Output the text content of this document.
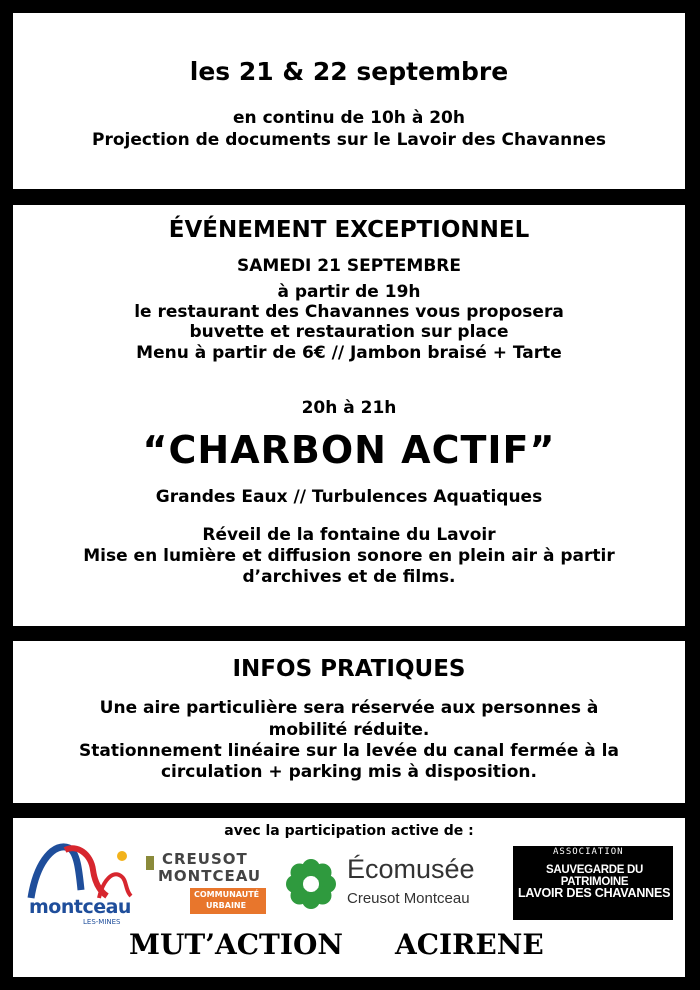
les 21 & 22 septembre
en continu de 10h à 20h
Projection de documents sur le Lavoir des Chavannes
ÉVÉNEMENT EXCEPTIONNEL
SAMEDI 21 SEPTEMBRE
à partir de 19h
le restaurant des Chavannes vous proposera
buvette et restauration sur place
Menu à partir de 6€ // Jambon braisé + Tarte
20h à 21h
“CHARBON ACTIF”
Grandes Eaux // Turbulences Aquatiques
Réveil de la fontaine du Lavoir
Mise en lumière et diffusion sonore en plein air à partir
d’archives et de films.
INFOS PRATIQUES
Une aire particulière sera réservée aux personnes à
mobilité réduite.
Stationnement linéaire sur la levée du canal fermée à la
circulation + parking mis à disposition.
avec la participation active de :
montceau
LES-MINES
CREUSOT
MONTCEAU
COMMUNAUTÉ
URBAINE
Écomusée
Creusot Montceau
ASSOCIATION
SAUVEGARDE DU PATRIMOINE
LAVOIR DES CHAVANNES
MUT’ACTION ACIRENE
